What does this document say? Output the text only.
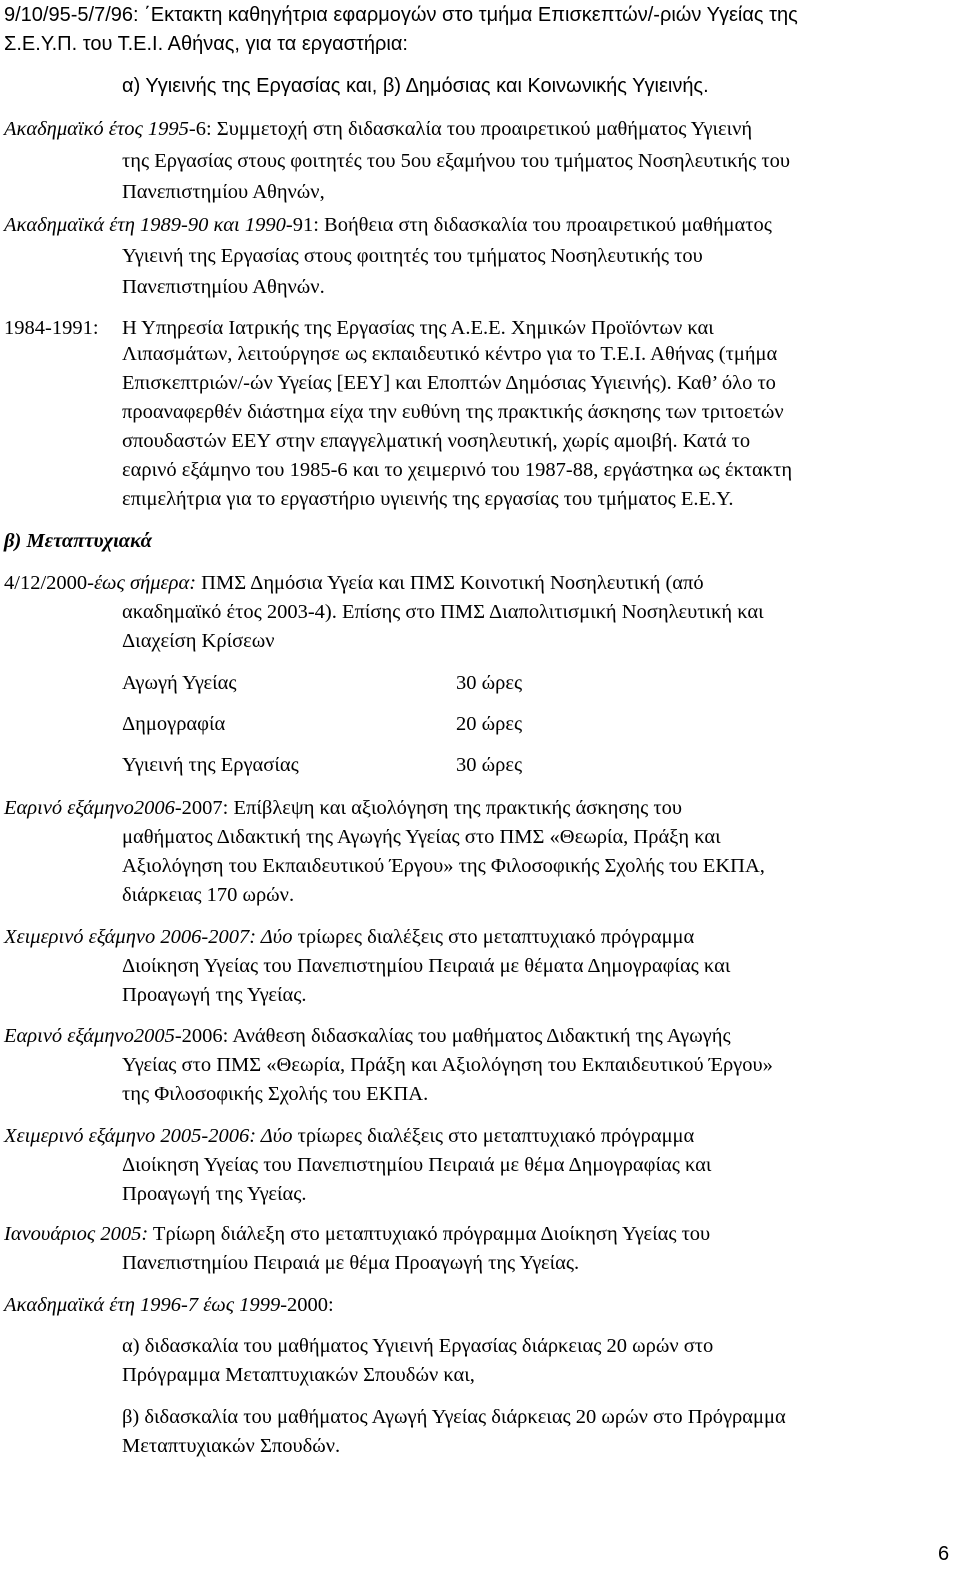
9/10/95-5/7/96: ΄Εκτακτη καθηγήτρια εφαρμογών στο τμήμα Επισκεπτών/-ριών Υγείας της
Σ.Ε.Υ.Π. του Τ.Ε.Ι. Αθήνας, για τα εργαστήρια:
α) Υγιεινής της Εργασίας και, β) Δημόσιας και Κοινωνικής Υγιεινής.
Ακαδημαϊκό έτος 1995-6: Συμμετοχή στη διδασκαλία του προαιρετικού μαθήματος Υγιεινή
της Εργασίας στους φοιτητές του 5ου εξαμήνου του τμήματος Νοσηλευτικής του
Πανεπιστημίου Αθηνών,
Ακαδημαϊκά έτη 1989-90 και 1990-91: Βοήθεια στη διδασκαλία του προαιρετικού μαθήματος
Υγιεινή της Εργασίας στους φοιτητές του τμήματος Νοσηλευτικής του
Πανεπιστημίου Αθηνών.
1984-1991: Η Υπηρεσία Ιατρικής της Εργασίας της Α.Ε.Ε. Χημικών Προϊόντων και
Λιπασμάτων, λειτούργησε ως εκπαιδευτικό κέντρο για το Τ.Ε.Ι. Αθήνας (τμήμα
Επισκεπτριών/-ών Υγείας [ΕΕΥ] και Εποπτών Δημόσιας Υγιεινής). Καθ’ όλο το
προαναφερθέν διάστημα είχα την ευθύνη της πρακτικής άσκησης των τριτοετών
σπουδαστών ΕΕΥ στην επαγγελματική νοσηλευτική, χωρίς αμοιβή. Κατά το
εαρινό εξάμηνο του 1985-6 και το χειμερινό του 1987-88, εργάστηκα ως έκτακτη
επιμελήτρια για το εργαστήριο υγιεινής της εργασίας του τμήματος Ε.Ε.Υ.
β) Μεταπτυχιακά
4/12/2000-έως σήμερα: ΠΜΣ Δημόσια Υγεία και ΠΜΣ Κοινοτική Νοσηλευτική (από
ακαδημαϊκό έτος 2003-4). Επίσης στο ΠΜΣ Διαπολιτισμική Νοσηλευτική και
Διαχείση Κρίσεων
Αγωγή Υγείας	30 ώρες
Δημογραφία	20 ώρες
Υγιεινή της Εργασίας	30 ώρες
Εαρινό εξάμηνο2006-2007: Επίβλεψη και αξιολόγηση της πρακτικής άσκησης του
μαθήματος Διδακτική της Αγωγής Υγείας στο ΠΜΣ «Θεωρία, Πράξη και
Αξιολόγηση του Εκπαιδευτικού Έργου» της Φιλοσοφικής Σχολής του ΕΚΠΑ,
διάρκειας 170 ωρών.
Χειμερινό εξάμηνο 2006-2007: Δύο τρίωρες διαλέξεις στο μεταπτυχιακό πρόγραμμα
Διοίκηση Υγείας του Πανεπιστημίου Πειραιά με θέματα Δημογραφίας και
Προαγωγή της Υγείας.
Εαρινό εξάμηνο2005-2006: Ανάθεση διδασκαλίας του μαθήματος Διδακτική της Αγωγής
Υγείας στο ΠΜΣ «Θεωρία, Πράξη και Αξιολόγηση του Εκπαιδευτικού Έργου»
της Φιλοσοφικής Σχολής του ΕΚΠΑ.
Χειμερινό εξάμηνο 2005-2006: Δύο τρίωρες διαλέξεις στο μεταπτυχιακό πρόγραμμα
Διοίκηση Υγείας του Πανεπιστημίου Πειραιά με θέμα Δημογραφίας και
Προαγωγή της Υγείας.
Ιανουάριος 2005: Τρίωρη διάλεξη στο μεταπτυχιακό πρόγραμμα Διοίκηση Υγείας του
Πανεπιστημίου Πειραιά με θέμα Προαγωγή της Υγείας.
Ακαδημαϊκά έτη 1996-7 έως 1999-2000:
α) διδασκαλία του μαθήματος Υγιεινή Εργασίας διάρκειας 20 ωρών στο
Πρόγραμμα Μεταπτυχιακών Σπουδών και,
β) διδασκαλία του μαθήματος Αγωγή Υγείας διάρκειας 20 ωρών στο Πρόγραμμα
Μεταπτυχιακών Σπουδών.
6
